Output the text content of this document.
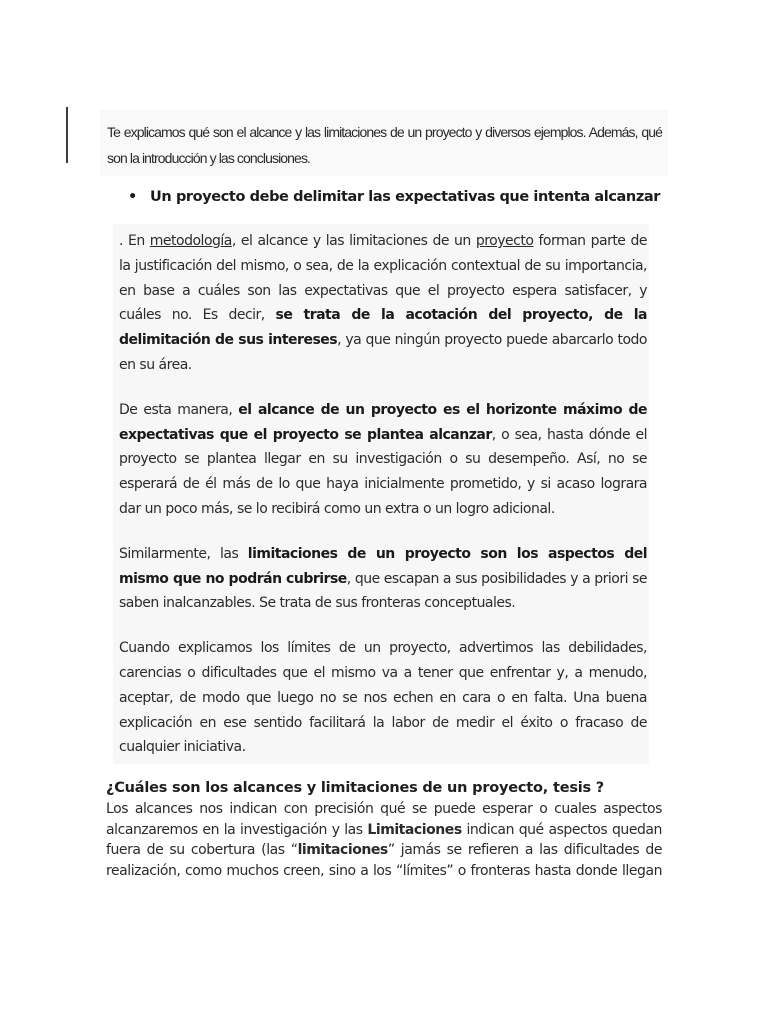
Te explicamos qué son el alcance y las limitaciones de un proyecto y diversos ejemplos. Además, qué son la introducción y las conclusiones.

• Un proyecto debe delimitar las expectativas que intenta alcanzar

. En metodología, el alcance y las limitaciones de un proyecto forman parte de la justificación del mismo, o sea, de la explicación contextual de su importancia, en base a cuáles son las expectativas que el proyecto espera satisfacer, y cuáles no. Es decir, se trata de la acotación del proyecto, de la delimitación de sus intereses, ya que ningún proyecto puede abarcarlo todo en su área.

De esta manera, el alcance de un proyecto es el horizonte máximo de expectativas que el proyecto se plantea alcanzar, o sea, hasta dónde el proyecto se plantea llegar en su investigación o su desempeño. Así, no se esperará de él más de lo que haya inicialmente prometido, y si acaso lograra dar un poco más, se lo recibirá como un extra o un logro adicional.

Similarmente, las limitaciones de un proyecto son los aspectos del mismo que no podrán cubrirse, que escapan a sus posibilidades y a priori se saben inalcanzables. Se trata de sus fronteras conceptuales.

Cuando explicamos los límites de un proyecto, advertimos las debilidades, carencias o dificultades que el mismo va a tener que enfrentar y, a menudo, aceptar, de modo que luego no se nos echen en cara o en falta. Una buena explicación en ese sentido facilitará la labor de medir el éxito o fracaso de cualquier iniciativa.

¿Cuáles son los alcances y limitaciones de un proyecto, tesis ?

Los alcances nos indican con precisión qué se puede esperar o cuales aspectos alcanzaremos en la investigación y las Limitaciones indican qué aspectos quedan fuera de su cobertura (las “limitaciones” jamás se refieren a las dificultades de realización, como muchos creen, sino a los “límites” o fronteras hasta donde llegan
